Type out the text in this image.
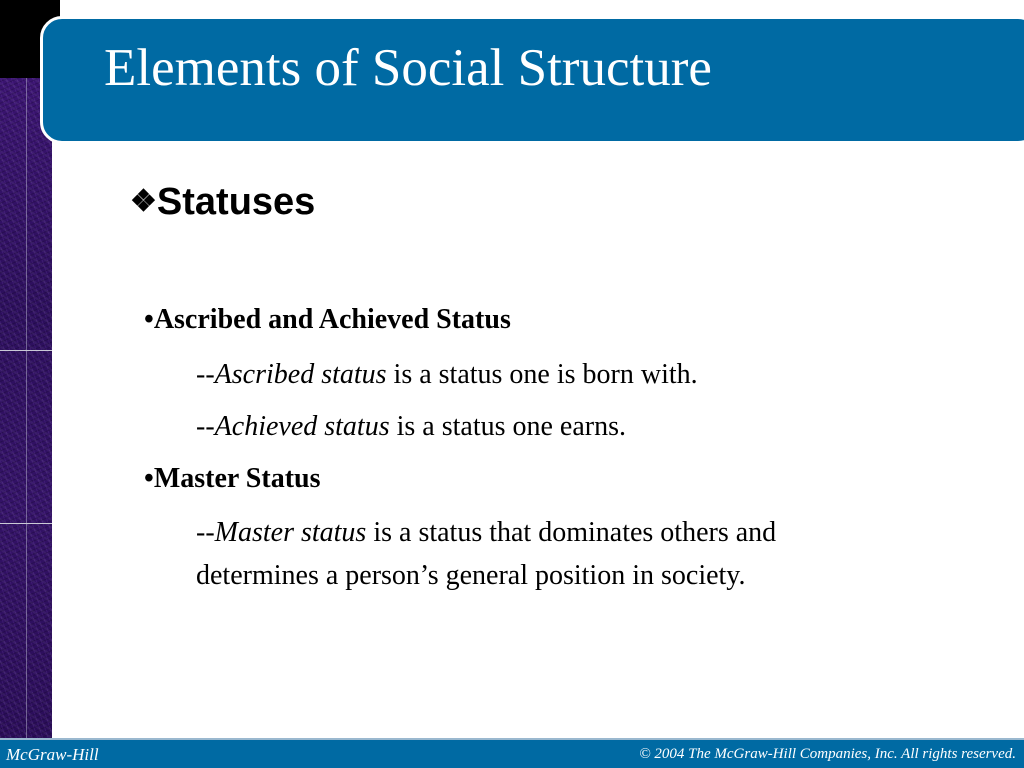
Elements of Social Structure
❖Statuses
•Ascribed and Achieved Status
--Ascribed status is a status one is born with.
--Achieved status is a status one earns.
•Master Status
--Master status is a status that dominates others and
determines a person’s general position in society.
McGraw-Hill	© 2004 The McGraw-Hill Companies, Inc. All rights reserved.
